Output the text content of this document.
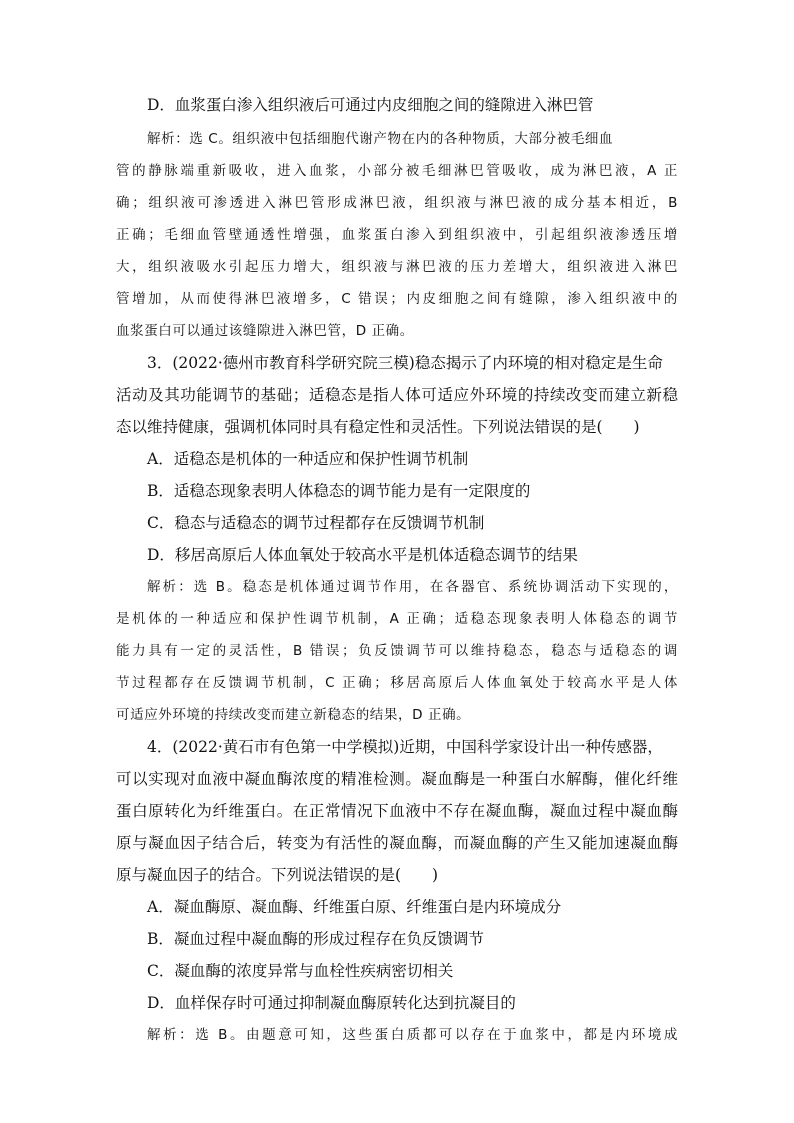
D．血浆蛋白渗入组织液后可通过内皮细胞之间的缝隙进入淋巴管
解析：选 C。组织液中包括细胞代谢产物在内的各种物质，大部分被毛细血
管的静脉端重新吸收，进入血浆，小部分被毛细淋巴管吸收，成为淋巴液，A 正
确；组织液可渗透进入淋巴管形成淋巴液，组织液与淋巴液的成分基本相近，B
正确；毛细血管壁通透性增强，血浆蛋白渗入到组织液中，引起组织液渗透压增
大，组织液吸水引起压力增大，组织液与淋巴液的压力差增大，组织液进入淋巴
管增加，从而使得淋巴液增多，C 错误；内皮细胞之间有缝隙，渗入组织液中的
血浆蛋白可以通过该缝隙进入淋巴管，D 正确。
3．(2022·德州市教育科学研究院三模)稳态揭示了内环境的相对稳定是生命
活动及其功能调节的基础；适稳态是指人体可适应外环境的持续改变而建立新稳
态以维持健康，强调机体同时具有稳定性和灵活性。下列说法错误的是(　　)
A．适稳态是机体的一种适应和保护性调节机制
B．适稳态现象表明人体稳态的调节能力是有一定限度的
C．稳态与适稳态的调节过程都存在反馈调节机制
D．移居高原后人体血氧处于较高水平是机体适稳态调节的结果
解析：选 B。稳态是机体通过调节作用，在各器官、系统协调活动下实现的，
是机体的一种适应和保护性调节机制，A 正确；适稳态现象表明人体稳态的调节
能力具有一定的灵活性，B 错误；负反馈调节可以维持稳态，稳态与适稳态的调
节过程都存在反馈调节机制，C 正确；移居高原后人体血氧处于较高水平是人体
可适应外环境的持续改变而建立新稳态的结果，D 正确。
4．(2022·黄石市有色第一中学模拟)近期，中国科学家设计出一种传感器，
可以实现对血液中凝血酶浓度的精准检测。凝血酶是一种蛋白水解酶，催化纤维
蛋白原转化为纤维蛋白。在正常情况下血液中不存在凝血酶，凝血过程中凝血酶
原与凝血因子结合后，转变为有活性的凝血酶，而凝血酶的产生又能加速凝血酶
原与凝血因子的结合。下列说法错误的是(　　)
A．凝血酶原、凝血酶、纤维蛋白原、纤维蛋白是内环境成分
B．凝血过程中凝血酶的形成过程存在负反馈调节
C．凝血酶的浓度异常与血栓性疾病密切相关
D．血样保存时可通过抑制凝血酶原转化达到抗凝目的
解析：选 B。由题意可知，这些蛋白质都可以存在于血浆中，都是内环境成
